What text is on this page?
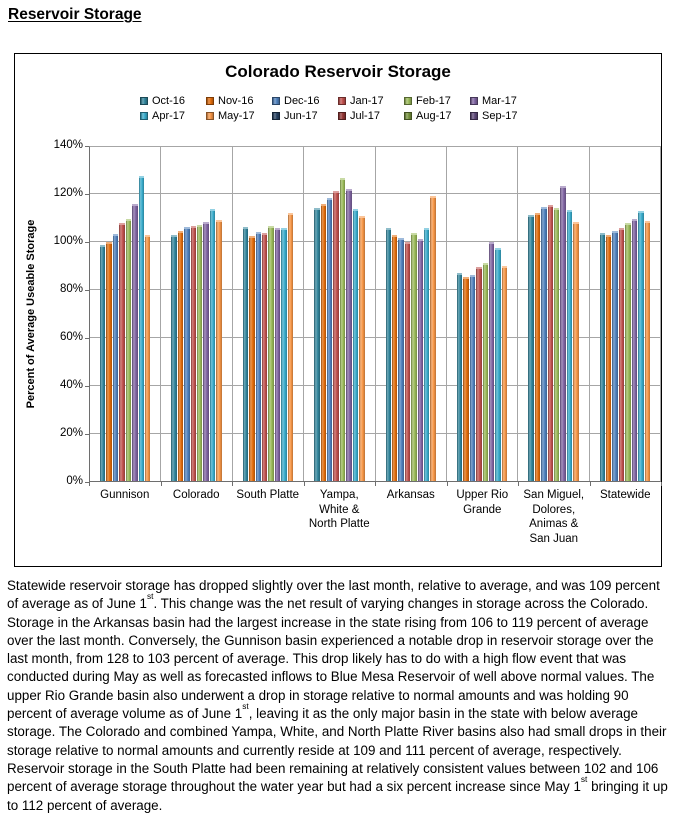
Reservoir Storage
Colorado Reservoir Storage
Oct-16	Nov-16	Dec-16	Jan-17	Feb-17	Mar-17
Apr-17	May-17	Jun-17	Jul-17	Aug-17	Sep-17
Percent of Average Useable Storage
0%
20%
40%
60%
80%
100%
120%
140%
Gunnison	Colorado	South Platte	Yampa, White & North Platte
Arkansas	Upper Rio Grande
San Miguel, Dolores, Animas & San Juan
Statewide

Statewide reservoir storage has dropped slightly over the last month, relative to average, and was 109 percent of average as of June 1st. This change was the net result of varying changes in storage across the Colorado. Storage in the Arkansas basin had the largest increase in the state rising from 106 to 119 percent of average over the last month. Conversely, the Gunnison basin experienced a notable drop in reservoir storage over the last month, from 128 to 103 percent of average. This drop likely has to do with a high flow event that was conducted during May as well as forecasted inflows to Blue Mesa Reservoir of well above normal values. The upper Rio Grande basin also underwent a drop in storage relative to normal amounts and was holding 90 percent of average volume as of June 1st, leaving it as the only major basin in the state with below average storage. The Colorado and combined Yampa, White, and North Platte River basins also had small drops in their storage relative to normal amounts and currently reside at 109 and 111 percent of average, respectively. Reservoir storage in the South Platte had been remaining at relatively consistent values between 102 and 106 percent of average storage throughout the water year but had a six percent increase since May 1st bringing it up to 112 percent of average.
